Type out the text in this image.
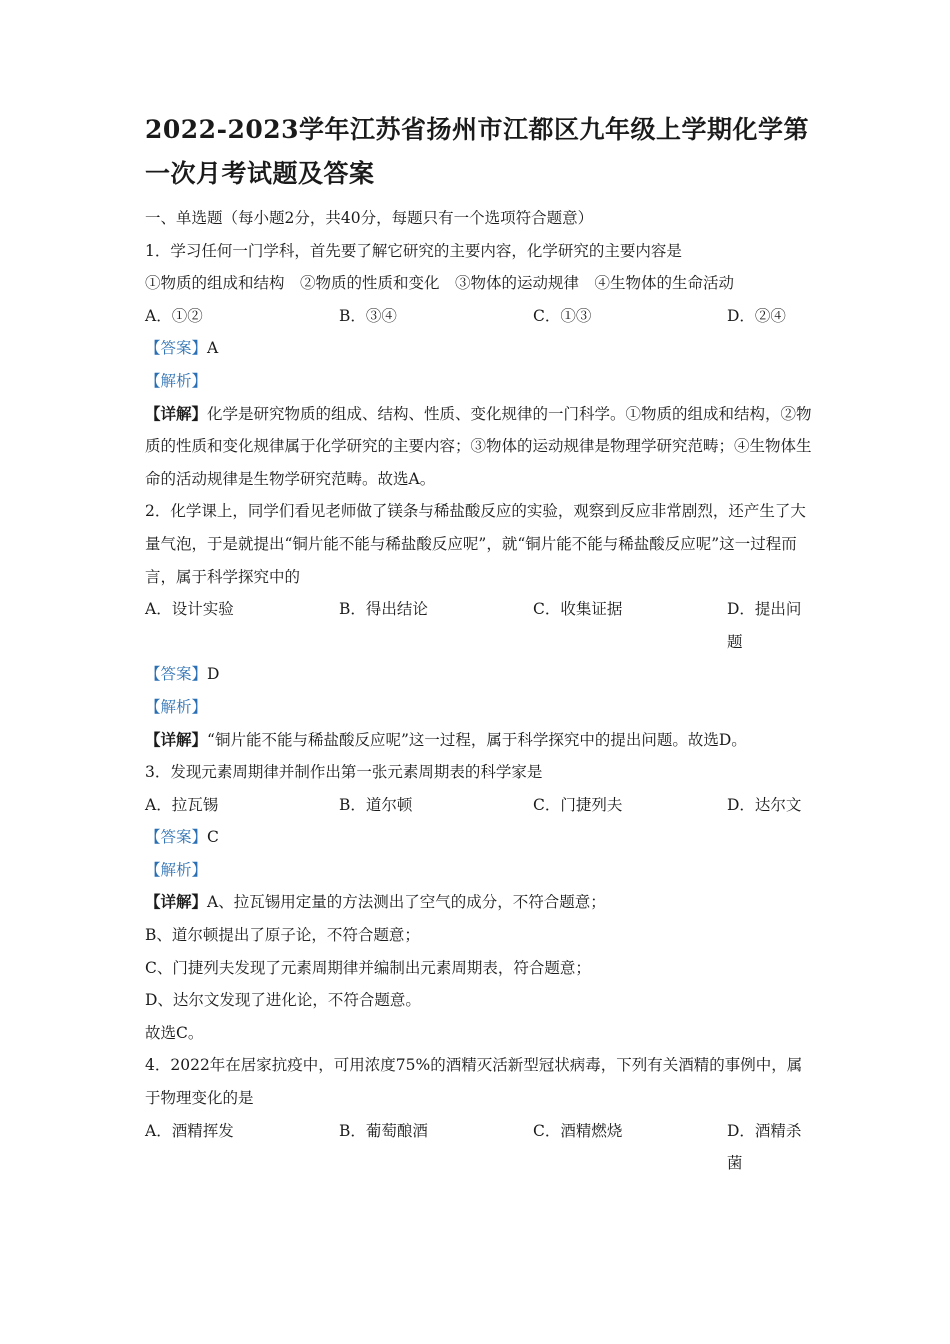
2022-2023学年江苏省扬州市江都区九年级上学期化学第一次月考试题及答案
一、单选题（每小题2分，共40分，每题只有一个选项符合题意）
1．学习任何一门学科，首先要了解它研究的主要内容，化学研究的主要内容是
①物质的组成和结构　②物质的性质和变化　③物体的运动规律　④生物体的生命活动
A．①②	B．③④	C．①③	D．②④
【答案】A
【解析】
【详解】化学是研究物质的组成、结构、性质、变化规律的一门科学。①物质的组成和结构，②物质的性质和变化规律属于化学研究的主要内容；③物体的运动规律是物理学研究范畴；④生物体生命的活动规律是生物学研究范畴。故选A。
2．化学课上，同学们看见老师做了镁条与稀盐酸反应的实验，观察到反应非常剧烈，还产生了大量气泡，于是就提出“铜片能不能与稀盐酸反应呢”，就“铜片能不能与稀盐酸反应呢”这一过程而言，属于科学探究中的
A．设计实验	B．得出结论	C．收集证据	D．提出问题
【答案】D
【解析】
【详解】“铜片能不能与稀盐酸反应呢”这一过程，属于科学探究中的提出问题。故选D。
3．发现元素周期律并制作出第一张元素周期表的科学家是
A．拉瓦锡	B．道尔顿	C．门捷列夫	D．达尔文
【答案】C
【解析】
【详解】A、拉瓦锡用定量的方法测出了空气的成分，不符合题意；
B、道尔顿提出了原子论，不符合题意；
C、门捷列夫发现了元素周期律并编制出元素周期表，符合题意；
D、达尔文发现了进化论，不符合题意。
故选C。
4．2022年在居家抗疫中，可用浓度75%的酒精灭活新型冠状病毒，下列有关酒精的事例中，属于物理变化的是
A．酒精挥发	B．葡萄酿酒	C．酒精燃烧	D．酒精杀菌
